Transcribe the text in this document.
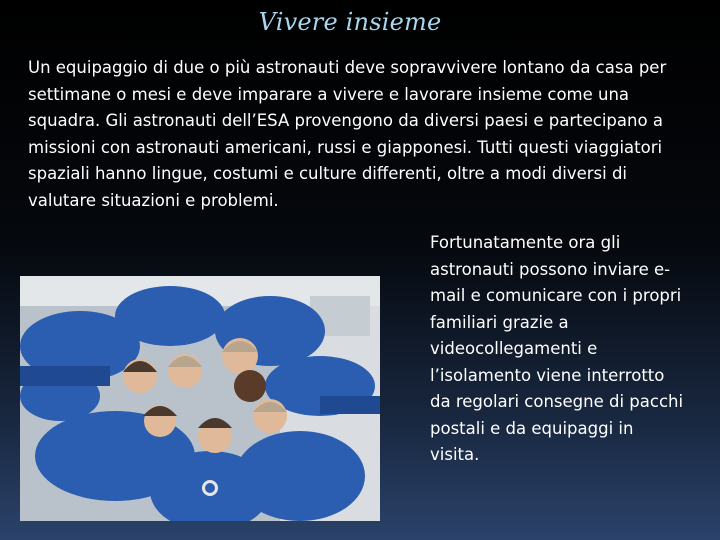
Vivere insieme

Un equipaggio di due o più astronauti deve sopravvivere lontano da casa per settimane o mesi e deve imparare a vivere e lavorare insieme come una squadra. Gli astronauti dell’ESA provengono da diversi paesi e partecipano a missioni con astronauti americani, russi e giapponesi. Tutti questi viaggiatori spaziali hanno lingue, costumi e culture differenti, oltre a modi diversi di valutare situazioni e problemi.

Fortunatamente ora gli astronauti possono inviare e-mail e comunicare con i propri familiari grazie a videocollegamenti e l’isolamento viene interrotto da regolari consegne di pacchi postali e da equipaggi in visita.
